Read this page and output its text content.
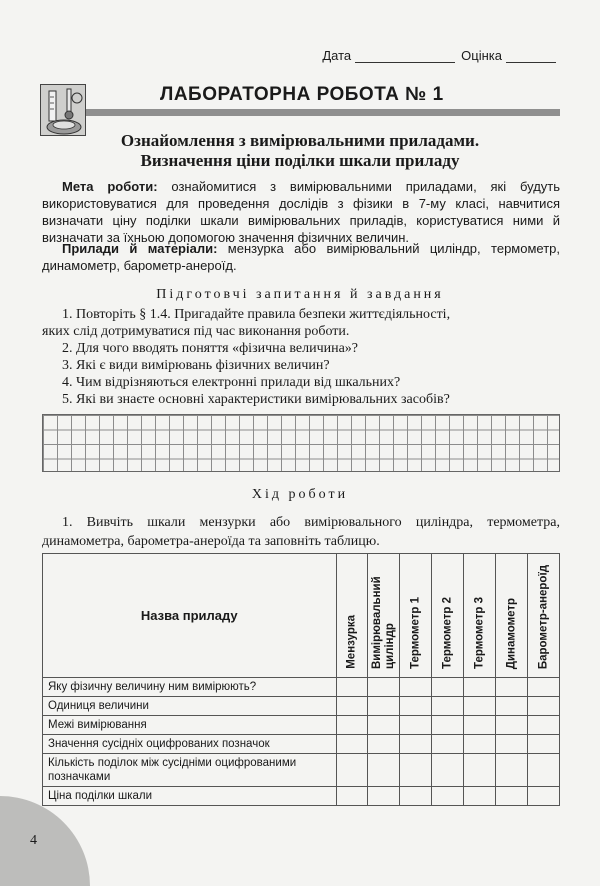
4
Дата	Оцінка
ЛАБОРАТОРНА РОБОТА № 1
Ознайомлення з вимірювальними приладами.
Визначення ціни поділки шкали приладу
Мета роботи: ознайомитися з вимірювальними приладами, які будуть використовуватися для проведення дослідів з фізики в 7-му класі, навчитися визначати ціну поділки шкали вимірювальних приладів, користуватися ними й визначати за їхньою допомогою значення фізичних величин.
Прилади й матеріали: мензурка або вимірювальний циліндр, термометр, динамометр, барометр-анероїд.
Підготовчі запитання й завдання
1. Повторіть § 1.4. Пригадайте правила безпеки життєдіяльності,
яких слід дотримуватися під час виконання роботи.
2. Для чого вводять поняття «фізична величина»?
3. Які є види вимірювань фізичних величин?
4. Чим відрізняються електронні прилади від шкальних?
5. Які ви знаєте основні характеристики вимірювальних засобів?
Хід роботи
1. Вивчіть шкали мензурки або вимірювального циліндра, термометра, динамометра, барометра-анероїда та заповніть таблицю.
Назва приладу	Мензурка	Вимірювальний циліндр	Термометр 1	Термометр 2	Термометр 3	Динамометр	Барометр-анероїд

Яку фізичну величину ним вимірюють?							
Одиниця величини							
Межі вимірювання							
Значення сусідніх оцифрованих позначок							
Кількість поділок між сусідніми оцифрованими позначками							
Ціна поділки шкали							
